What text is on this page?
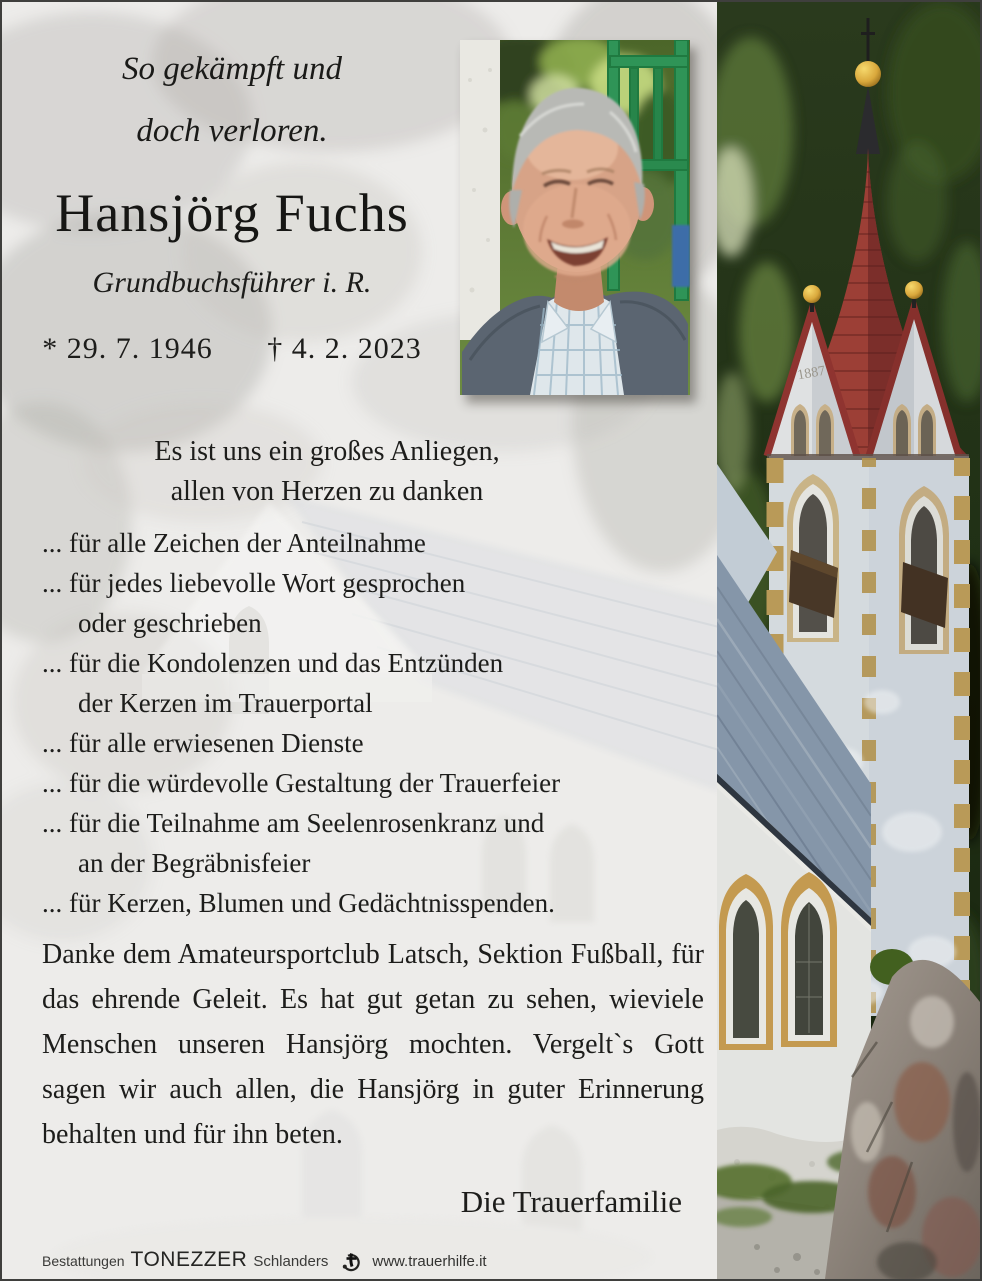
1887
So gekämpft und
doch verloren.
Hansjörg Fuchs
Grundbuchsführer i. R.
* 29. 7. 1946 † 4. 2. 2023
Es ist uns ein großes Anliegen,
allen von Herzen zu danken
... für alle Zeichen der Anteilnahme
... für jedes liebevolle Wort gesprochen
oder geschrieben
... für die Kondolenzen und das Entzünden
der Kerzen im Trauerportal
... für alle erwiesenen Dienste
... für die würdevolle Gestaltung der Trauerfeier
... für die Teilnahme am Seelenrosenkranz und
an der Begräbnisfeier
... für Kerzen, Blumen und Gedächtnisspenden.

Danke dem Amateursportclub Latsch, Sektion Fußball, für das ehrende Geleit. Es hat gut getan zu sehen, wieviele Menschen unseren Hansjörg mochten. Vergelt`s Gott sagen wir auch allen, die Hansjörg in guter Erinnerung behalten und für ihn beten.

Die Trauerfamilie
Bestattungen TONEZZER Schlanders	www.trauerhilfe.it
